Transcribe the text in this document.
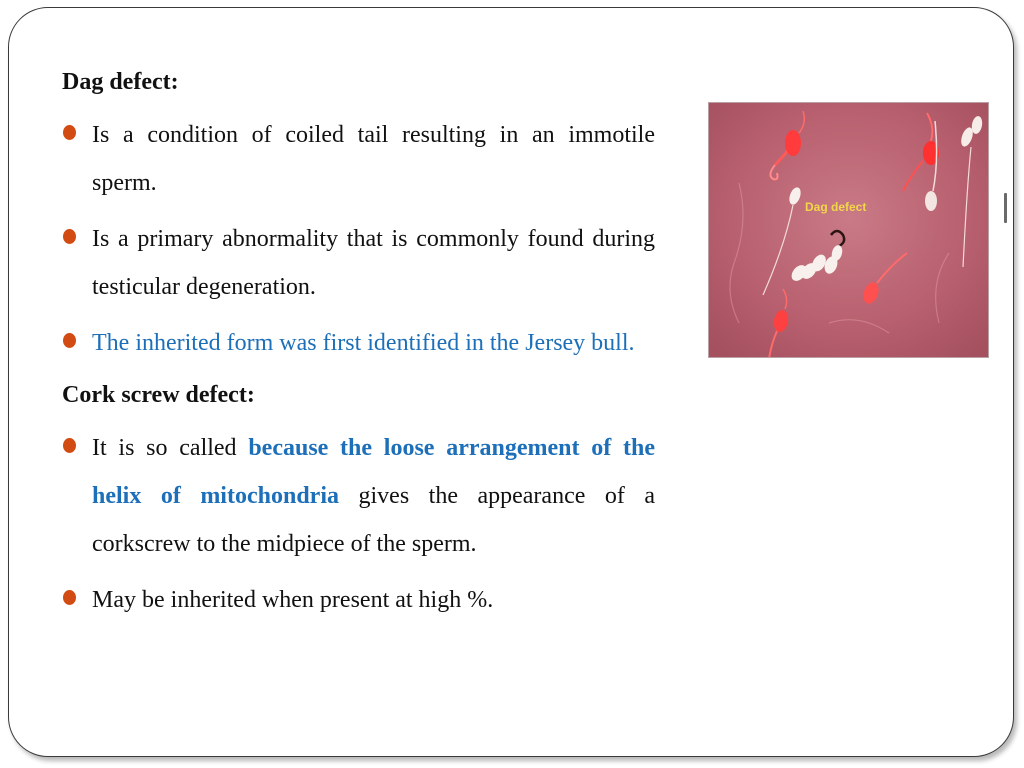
Dag defect:
Is a condition of coiled tail resulting in an immotile sperm.
Is a primary abnormality that is commonly found during testicular degeneration.
The inherited form was first identified in the Jersey bull.
Cork screw defect:
It is so called because the loose arrangement of the helix of mitochondria gives the appearance of a corkscrew to the midpiece of the sperm.
May be inherited when present at high %.
Dag defect
